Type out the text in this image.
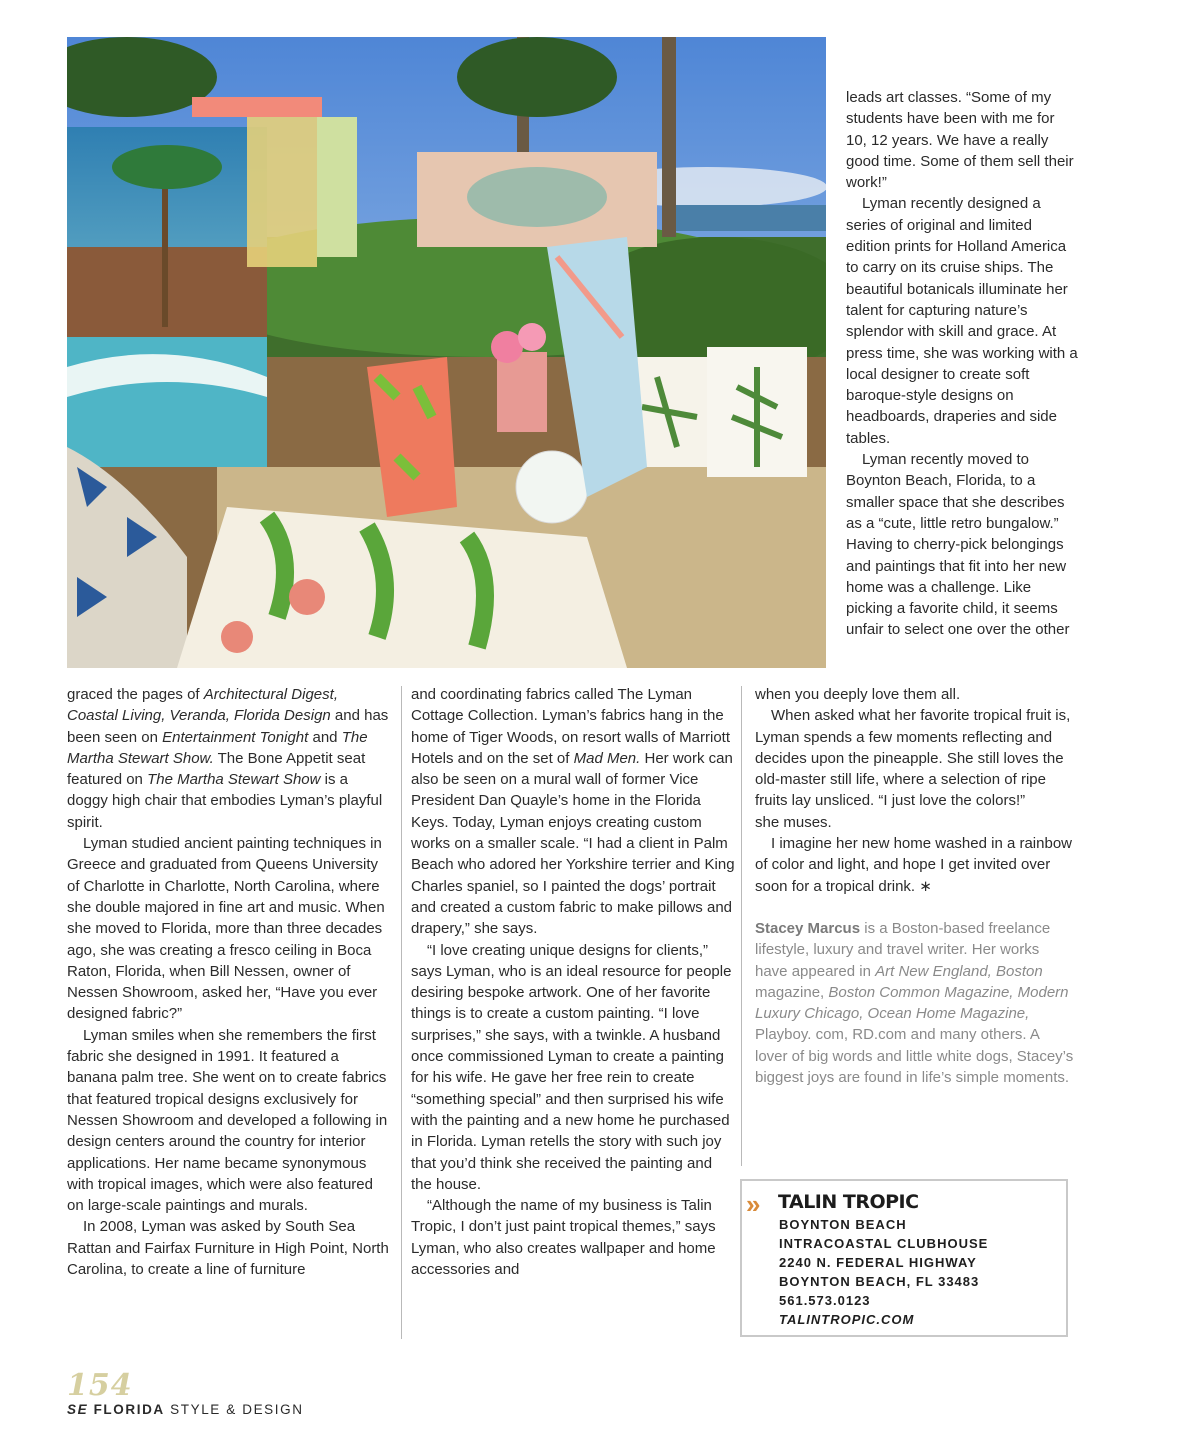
leads art classes. “Some of my students have been with me for 10, 12 years. We have a really good time. Some of them sell their work!”

Lyman recently designed a series of original and limited edition prints for Holland America to carry on its cruise ships. The beautiful botanicals illuminate her talent for capturing nature’s splendor with skill and grace. At press time, she was working with a local designer to create soft baroque-style designs on headboards, draperies and side tables.

Lyman recently moved to Boynton Beach, Florida, to a smaller space that she describes as a “cute, little retro bungalow.” Having to cherry-pick belongings and paintings that fit into her new home was a challenge. Like picking a favorite child, it seems unfair to select one over the other

graced the pages of Architectural Digest, Coastal Living, Veranda, Florida Design and has been seen on Entertainment Tonight and The Martha Stewart Show. The Bone Appetit seat featured on The Martha Stewart Show is a doggy high chair that embodies Lyman’s playful spirit.

Lyman studied ancient painting techniques in Greece and graduated from Queens University of Charlotte in Charlotte, North Carolina, where she double majored in fine art and music. When she moved to Florida, more than three decades ago, she was creating a fresco ceiling in Boca Raton, Florida, when Bill Nessen, owner of Nessen Showroom, asked her, “Have you ever designed fabric?”

Lyman smiles when she remembers the first fabric she designed in 1991. It featured a banana palm tree. She went on to create fabrics that featured tropical designs exclusively for Nessen Showroom and developed a following in design centers around the country for interior applications. Her name became synonymous with tropical images, which were also featured on large-scale paintings and murals.

In 2008, Lyman was asked by South Sea Rattan and Fairfax Furniture in High Point, North Carolina, to create a line of furniture

and coordinating fabrics called The Lyman Cottage Collection. Lyman’s fabrics hang in the home of Tiger Woods, on resort walls of Marriott Hotels and on the set of Mad Men. Her work can also be seen on a mural wall of former Vice President Dan Quayle’s home in the Florida Keys. Today, Lyman enjoys creating custom works on a smaller scale. “I had a client in Palm Beach who adored her Yorkshire terrier and King Charles spaniel, so I painted the dogs’ portrait and created a custom fabric to make pillows and drapery,” she says.

“I love creating unique designs for clients,” says Lyman, who is an ideal resource for people desiring bespoke artwork. One of her favorite things is to create a custom painting. “I love surprises,” she says, with a twinkle. A husband once commissioned Lyman to create a painting for his wife. He gave her free rein to create “something special” and then surprised his wife with the painting and a new home he purchased in Florida. Lyman retells the story with such joy that you’d think she received the painting and the house.

“Although the name of my business is Talin Tropic, I don’t just paint tropical themes,” says Lyman, who also creates wallpaper and home accessories and

when you deeply love them all.

When asked what her favorite tropical fruit is, Lyman spends a few moments reflecting and decides upon the pineapple. She still loves the old-master still life, where a selection of ripe fruits lay unsliced. “I just love the colors!”

she muses.

I imagine her new home washed in a rainbow of color and light, and hope I get invited over soon for a tropical drink. ∗

Stacey Marcus is a Boston-based freelance lifestyle, luxury and travel writer. Her works have appeared in Art New England, Boston magazine, Boston Common Magazine, Modern Luxury Chicago, Ocean Home Magazine, Playboy. com, RD.com and many others. A lover of big words and little white dogs, Stacey’s biggest joys are found in life’s simple moments.

» TALIN TROPIC
BOYNTON BEACH
INTRACOASTAL CLUBHOUSE
2240 N. FEDERAL HIGHWAY
BOYNTON BEACH, FL 33483
561.573.0123
TALINTROPIC.COM
154
SE FLORIDA STYLE & DESIGN
